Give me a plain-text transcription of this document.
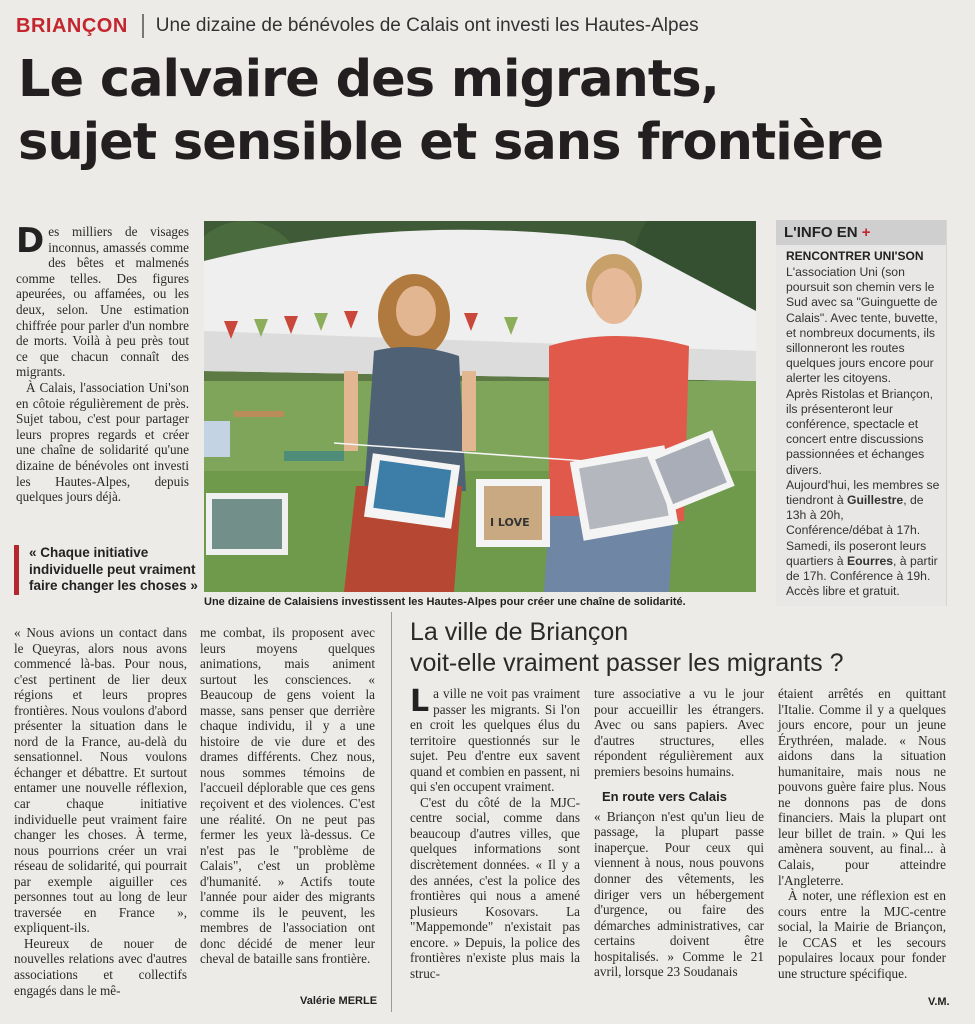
BRIANÇON Une dizaine de bénévoles de Calais ont investi les Hautes-Alpes
Le calvaire des migrants,
sujet sensible et sans frontière

Des milliers de visages inconnus, amassés comme des bêtes et malmenés comme telles. Des figures apeurées, ou affamées, ou les deux, selon. Une estimation chiffrée pour parler d'un nombre de morts. Voilà à peu près tout ce que chacun connaît des migrants.

À Calais, l'association Uni'son en côtoie régulièrement de près. Sujet tabou, c'est pour partager leurs propres regards et créer une chaîne de solidarité qu'une dizaine de bénévoles ont investi les Hautes-Alpes, depuis quelques jours déjà.

« Chaque initiative individuelle peut vraiment faire changer les choses »
I LOVE
Une dizaine de Calaisiens investissent les Hautes-Alpes pour créer une chaîne de solidarité.
L'INFO EN +
RENCONTRER UNI'SON

L'association Uni (son poursuit son chemin vers le Sud avec sa "Guinguette de Calais". Avec tente, buvette, et nombreux documents, ils sillonneront les routes quelques jours encore pour alerter les citoyens.

Après Ristolas et Briançon, ils présenteront leur conférence, spectacle et concert entre discussions passionnées et échanges divers.

Aujourd'hui, les membres se tiendront à Guillestre, de 13h à 20h, Conférence/débat à 17h. Samedi, ils poseront leurs quartiers à Eourres, à partir de 17h. Conférence à 19h. Accès libre et gratuit.

« Nous avions un contact dans le Queyras, alors nous avons commencé là-bas. Pour nous, c'est pertinent de lier deux régions et leurs propres frontières. Nous voulons d'abord présenter la situation dans le nord de la France, au-delà du sensationnel. Nous voulons échanger et débattre. Et surtout entamer une nouvelle réflexion, car chaque initiative individuelle peut vraiment faire changer les choses. À terme, nous pourrions créer un vrai réseau de solidarité, qui pourrait par exemple aiguiller ces personnes tout au long de leur traversée en France », expliquent-ils.

Heureux de nouer de nouvelles relations avec d'autres associations et collectifs engagés dans le mê-

me combat, ils proposent avec leurs moyens quelques animations, mais animent surtout les consciences. « Beaucoup de gens voient la masse, sans penser que derrière chaque individu, il y a une histoire de vie dure et des drames différents. Chez nous, nous sommes témoins de l'accueil déplorable que ces gens reçoivent et des violences. C'est une réalité. On ne peut pas fermer les yeux là-dessus. Ce n'est pas le "problème de Calais", c'est un problème d'humanité. » Actifs toute l'année pour aider des migrants comme ils le peuvent, les membres de l'association ont donc décidé de mener leur cheval de bataille sans frontière.

Valérie MERLE
La ville de Briançon
voit-elle vraiment passer les migrants ?

La ville ne voit pas vraiment passer les migrants. Si l'on en croit les quelques élus du territoire questionnés sur le sujet. Peu d'entre eux savent quand et combien en passent, ni qui s'en occupent vraiment.

C'est du côté de la MJC-centre social, comme dans beaucoup d'autres villes, que quelques informations sont discrètement données. « Il y a des années, c'est la police des frontières qui nous a amené plusieurs Kosovars. La "Mappemonde" n'existait pas encore. » Depuis, la police des frontières n'existe plus mais la struc-

ture associative a vu le jour pour accueillir les étrangers. Avec ou sans papiers. Avec d'autres structures, elles répondent régulièrement aux premiers besoins humains.

En route vers Calais

« Briançon n'est qu'un lieu de passage, la plupart passe inaperçue. Pour ceux qui viennent à nous, nous pouvons donner des vêtements, les diriger vers un hébergement d'urgence, ou faire des démarches administratives, car certains doivent être hospitalisés. » Comme le 21 avril, lorsque 23 Soudanais

étaient arrêtés en quittant l'Italie. Comme il y a quelques jours encore, pour un jeune Érythréen, malade. « Nous aidons dans la situation humanitaire, mais nous ne pouvons guère faire plus. Nous ne donnons pas de dons financiers. Mais la plupart ont leur billet de train. » Qui les amènera souvent, au final... à Calais, pour atteindre l'Angleterre.

À noter, une réflexion est en cours entre la MJC-centre social, la Mairie de Briançon, le CCAS et les secours populaires locaux pour fonder une structure spécifique.

V.M.
